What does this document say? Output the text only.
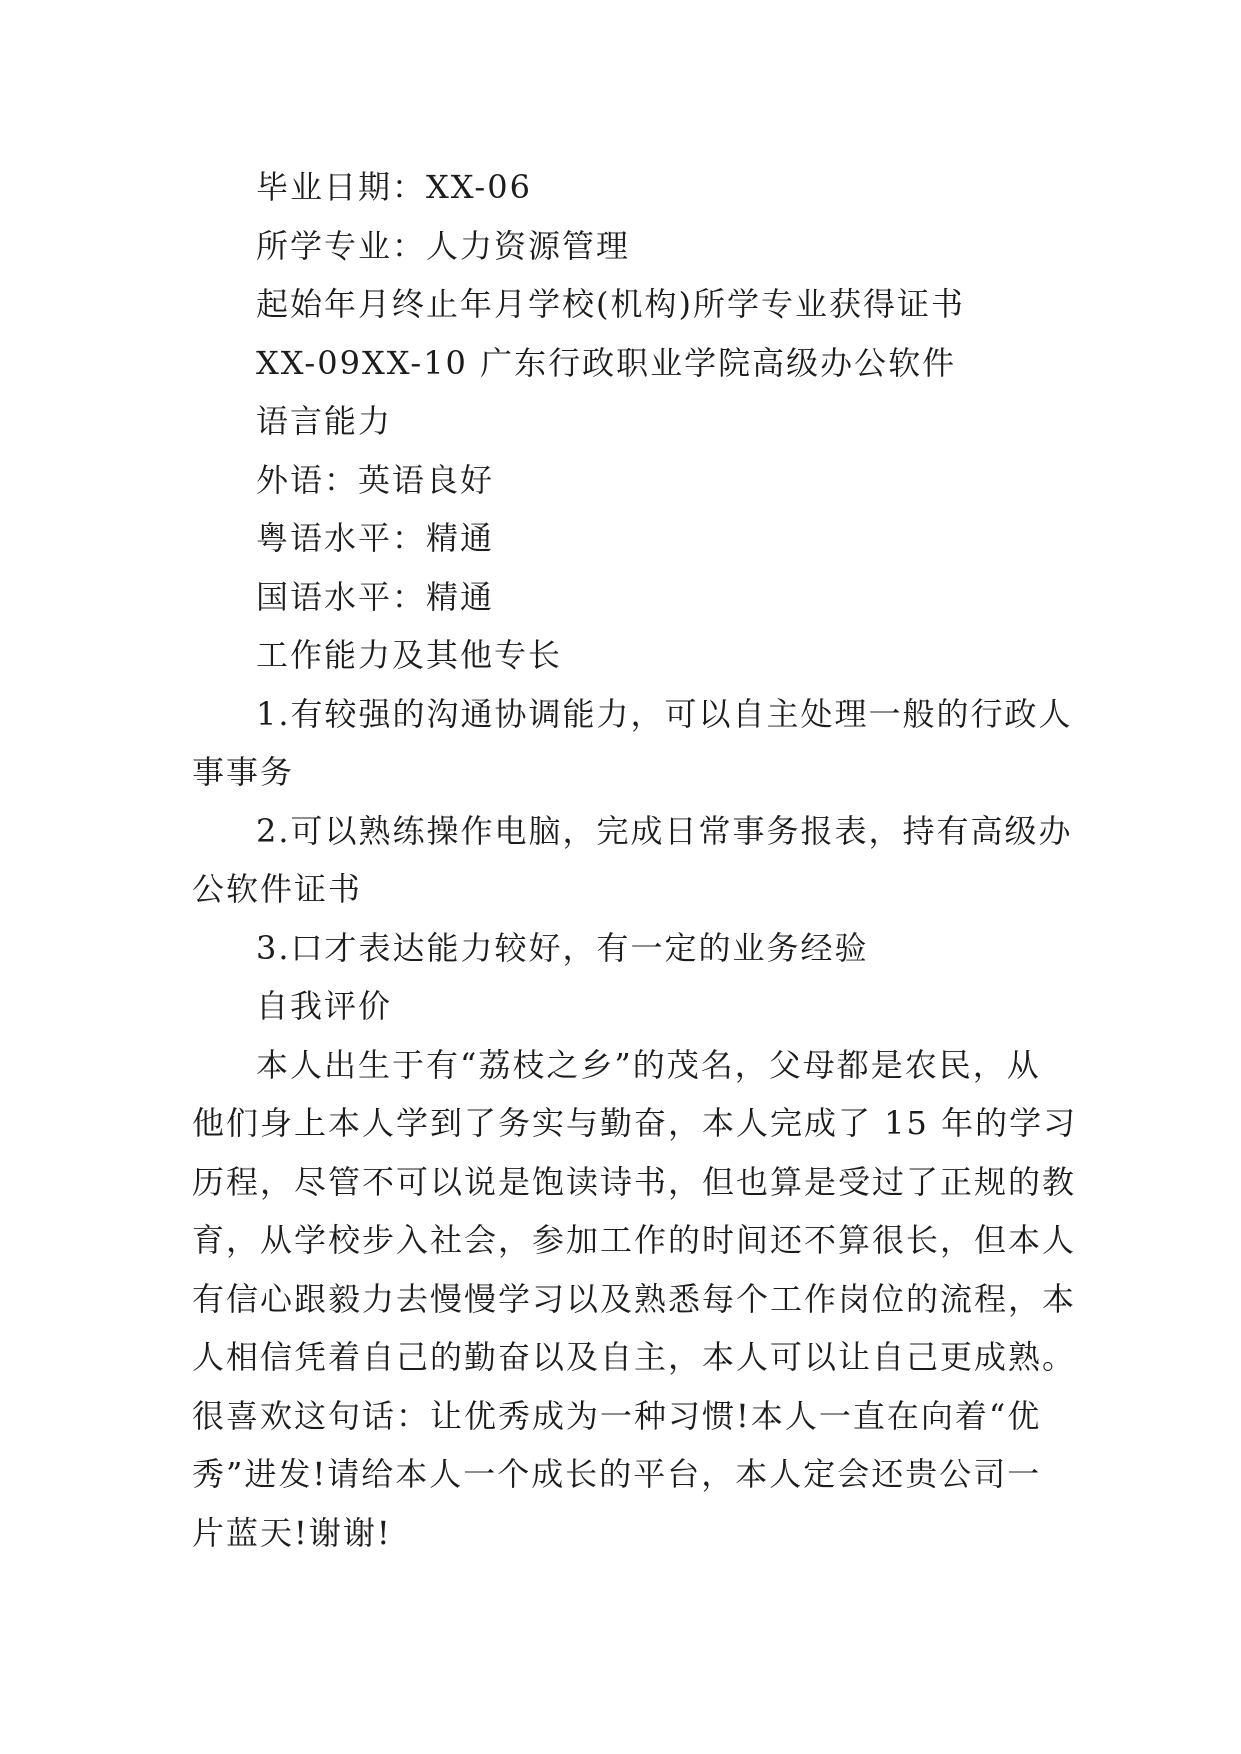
毕业日期：XX-06

所学专业：人力资源管理

起始年月终止年月学校(机构)所学专业获得证书

XX-09XX-10 广东行政职业学院高级办公软件

语言能力

外语：英语良好

粤语水平：精通

国语水平：精通

工作能力及其他专长

1.有较强的沟通协调能力，可以自主处理一般的行政人

事事务

2.可以熟练操作电脑，完成日常事务报表，持有高级办

公软件证书

3.口才表达能力较好，有一定的业务经验

自我评价

本人出生于有“荔枝之乡”的茂名，父母都是农民，从

他们身上本人学到了务实与勤奋，本人完成了 15 年的学习

历程，尽管不可以说是饱读诗书，但也算是受过了正规的教

育，从学校步入社会，参加工作的时间还不算很长，但本人

有信心跟毅力去慢慢学习以及熟悉每个工作岗位的流程，本

人相信凭着自己的勤奋以及自主，本人可以让自己更成熟。

很喜欢这句话：让优秀成为一种习惯!本人一直在向着“优

秀”进发!请给本人一个成长的平台，本人定会还贵公司一

片蓝天!谢谢!
